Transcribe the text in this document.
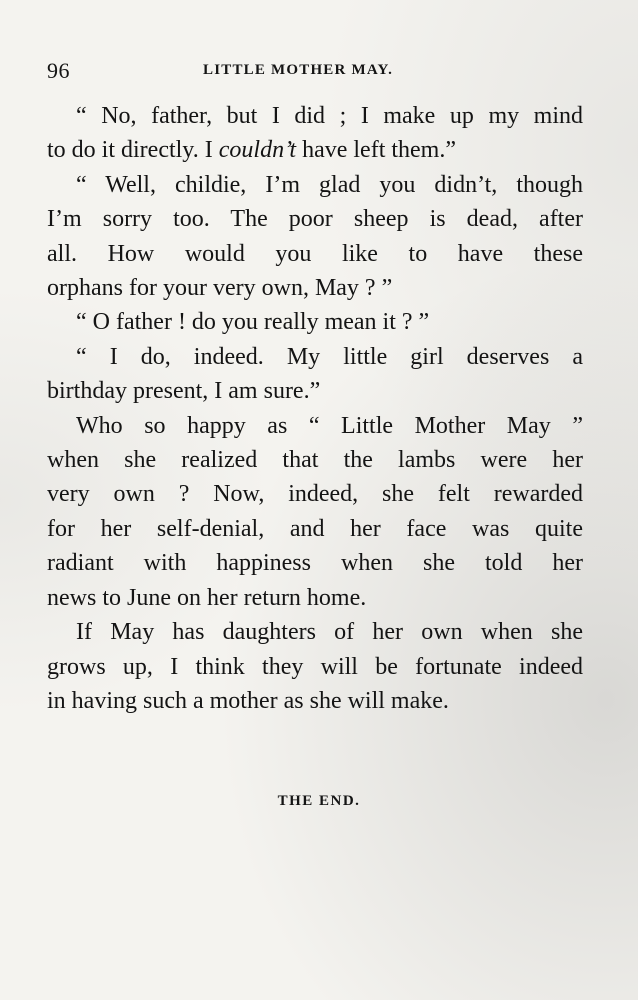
96	LITTLE MOTHER MAY.
“ No, father, but I did ; I make up my mind
to do it directly. I couldn’t have left them.”
“ Well, childie, I’m glad you didn’t, though
I’m sorry too. The poor sheep is dead, after
all. How would you like to have these
orphans for your very own, May ? ”
“ O father ! do you really mean it ? ”
“ I do, indeed. My little girl deserves a
birthday present, I am sure.”
Who so happy as “ Little Mother May ”
when she realized that the lambs were her
very own ? Now, indeed, she felt rewarded
for her self-denial, and her face was quite
radiant with happiness when she told her
news to June on her return home.
If May has daughters of her own when she
grows up, I think they will be fortunate indeed
in having such a mother as she will make.
THE END.
